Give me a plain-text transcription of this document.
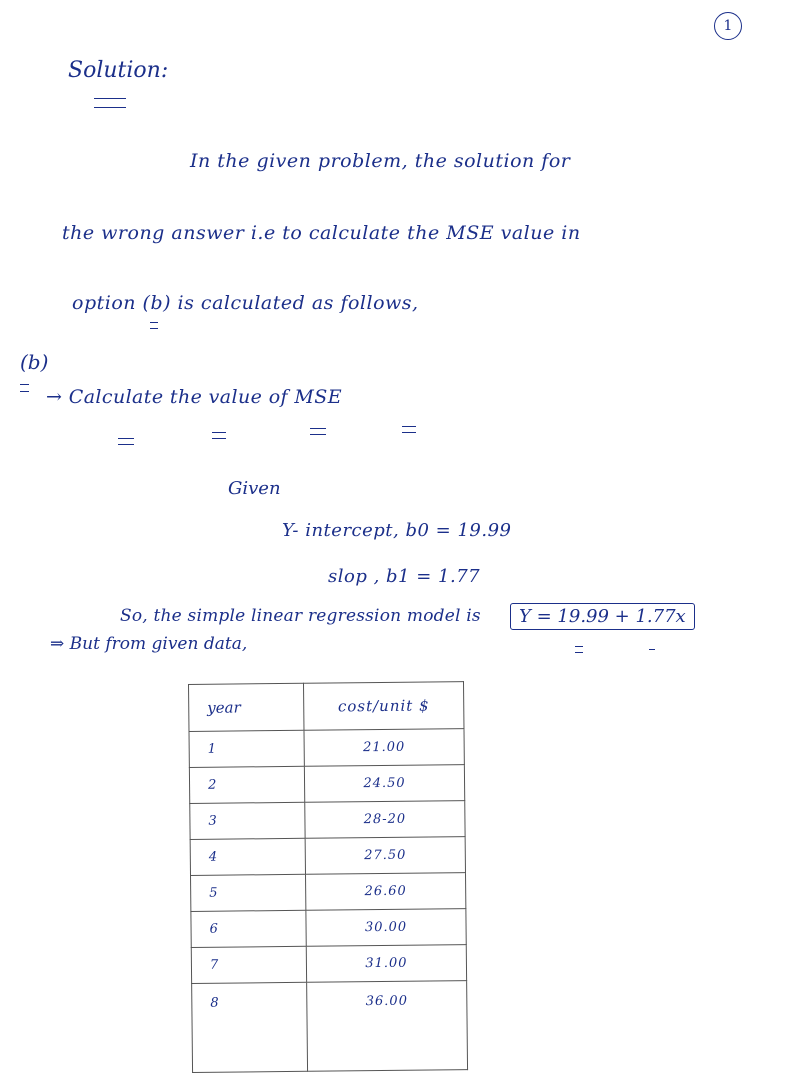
1
Solution:
In the given problem, the solution for
the wrong answer i.e to calculate the MSE value in
option (b) is calculated as follows,
(b)
→ Calculate the value of MSE
Given
Y- intercept, b0 = 19.99
slop , b1 = 1.77
So, the simple linear regression model is	Y = 19.99 + 1.77x
⇒ But from given data,
year	cost/unit $
1	21.00
2	24.50
3	28-20
4	27.50
5	26.60
6	30.00
7	31.00
8	36.00
